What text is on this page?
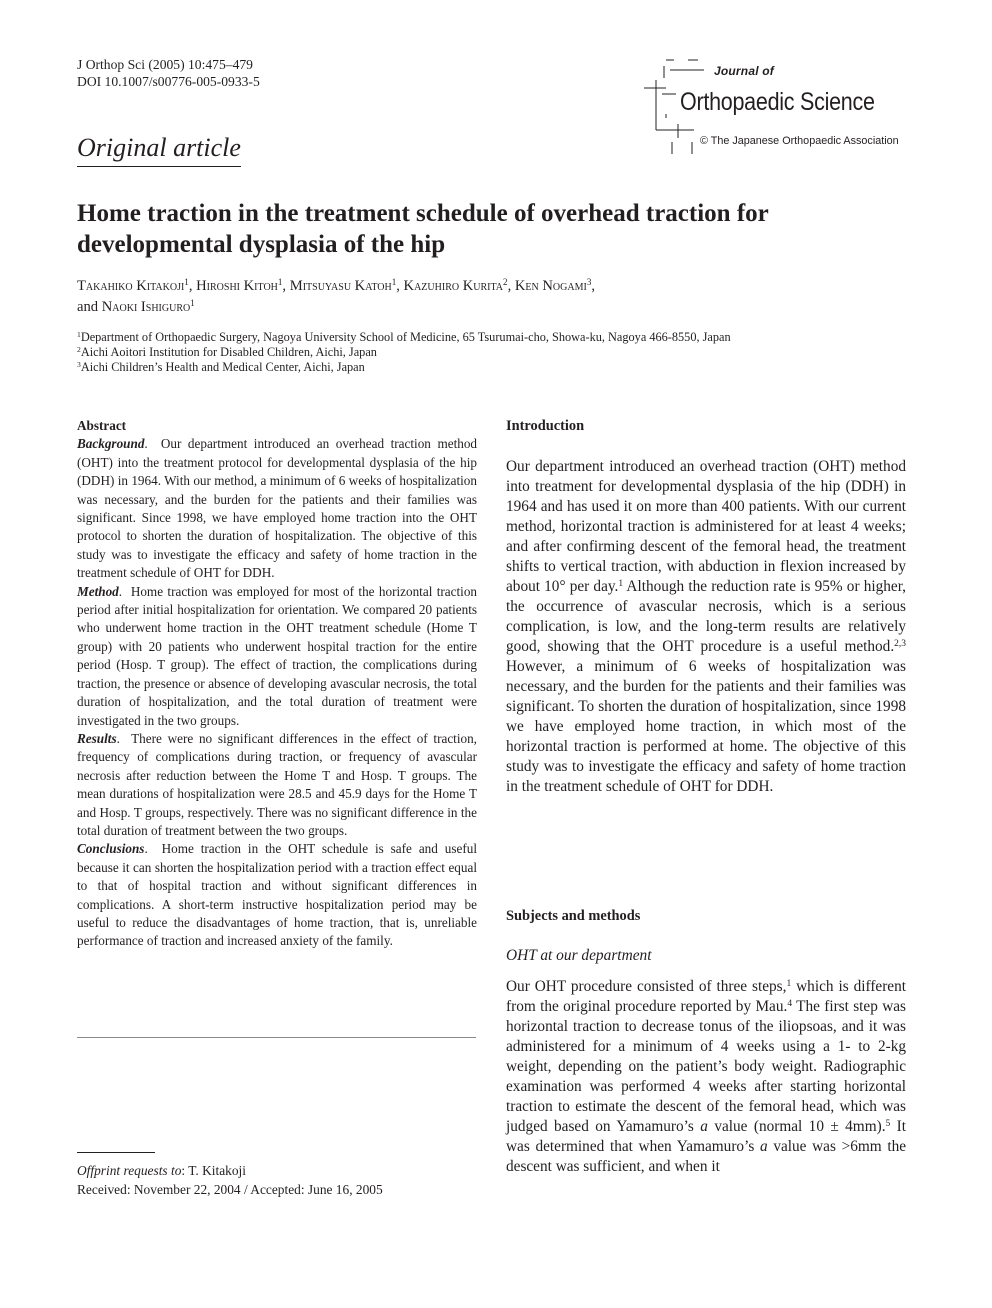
J Orthop Sci (2005) 10:475–479
DOI 10.1007/s00776-005-0933-5
Original article
Journal of
Orthopaedic Science
© The Japanese Orthopaedic Association
Home traction in the treatment schedule of overhead traction for developmental dysplasia of the hip
Takahiko Kitakoji$^1$, Hiroshi Kitoh$^1$, Mitsuyasu Katoh$^1$, Kazuhiro Kurita$^2$, Ken Nogami$^3$,
and Naoki Ishiguro$^1$
$^1$Department of Orthopaedic Surgery, Nagoya University School of Medicine, 65 Tsurumai-cho, Showa-ku, Nagoya 466-8550, Japan
$^2$Aichi Aoitori Institution for Disabled Children, Aichi, Japan
$^3$Aichi Children’s Health and Medical Center, Aichi, Japan
Abstract

Background.  Our department introduced an overhead traction method (OHT) into the treatment protocol for developmental dysplasia of the hip (DDH) in 1964. With our method, a minimum of 6 weeks of hospitalization was necessary, and the burden for the patients and their families was significant. Since 1998, we have employed home traction into the OHT protocol to shorten the duration of hospitalization. The objective of this study was to investigate the efficacy and safety of home traction in the treatment schedule of OHT for DDH.

Method.  Home traction was employed for most of the horizontal traction period after initial hospitalization for orientation. We compared 20 patients who underwent home traction in the OHT treatment schedule (Home T group) with 20 patients who underwent hospital traction for the entire period (Hosp. T group). The effect of traction, the complications during traction, the presence or absence of developing avascular necrosis, the total duration of hospitalization, and the total duration of treatment were investigated in the two groups.

Results.  There were no significant differences in the effect of traction, frequency of complications during traction, or frequency of avascular necrosis after reduction between the Home T and Hosp. T groups. The mean durations of hospitalization were 28.5 and 45.9 days for the Home T and Hosp. T groups, respectively. There was no significant difference in the total duration of treatment between the two groups.

Conclusions.  Home traction in the OHT schedule is safe and useful because it can shorten the hospitalization period with a traction effect equal to that of hospital traction and without significant differences in complications. A short-term instructive hospitalization period may be useful to reduce the disadvantages of home traction, that is, unreliable performance of traction and increased anxiety of the family.

Offprint requests to: T. Kitakoji
Received: November 22, 2004 / Accepted: June 16, 2005
Introduction

Our department introduced an overhead traction (OHT) method into treatment for developmental dysplasia of the hip (DDH) in 1964 and has used it on more than 400 patients. With our current method, horizontal traction is administered for at least 4 weeks; and after confirming descent of the femoral head, the treatment shifts to vertical traction, with abduction in flexion increased by about 10° per day.$^1$ Although the reduction rate is 95% or higher, the occurrence of avascular necrosis, which is a serious complication, is low, and the long-term results are relatively good, showing that the OHT procedure is a useful method.$^{2,3}$ However, a minimum of 6 weeks of hospitalization was necessary, and the burden for the patients and their families was significant. To shorten the duration of hospitalization, since 1998 we have employed home traction, in which most of the horizontal traction is performed at home. The objective of this study was to investigate the efficacy and safety of home traction in the treatment schedule of OHT for DDH.

Subjects and methods
OHT at our department

Our OHT procedure consisted of three steps,$^1$ which is different from the original procedure reported by Mau.$^4$ The first step was horizontal traction to decrease tonus of the iliopsoas, and it was administered for a minimum of 4 weeks using a 1- to 2-kg weight, depending on the patient’s body weight. Radiographic examination was performed 4 weeks after starting horizontal traction to estimate the descent of the femoral head, which was judged based on Yamamuro’s a value (normal 10 ± 4mm).$^5$ It was determined that when Yamamuro’s a value was >6mm the descent was sufficient, and when it
